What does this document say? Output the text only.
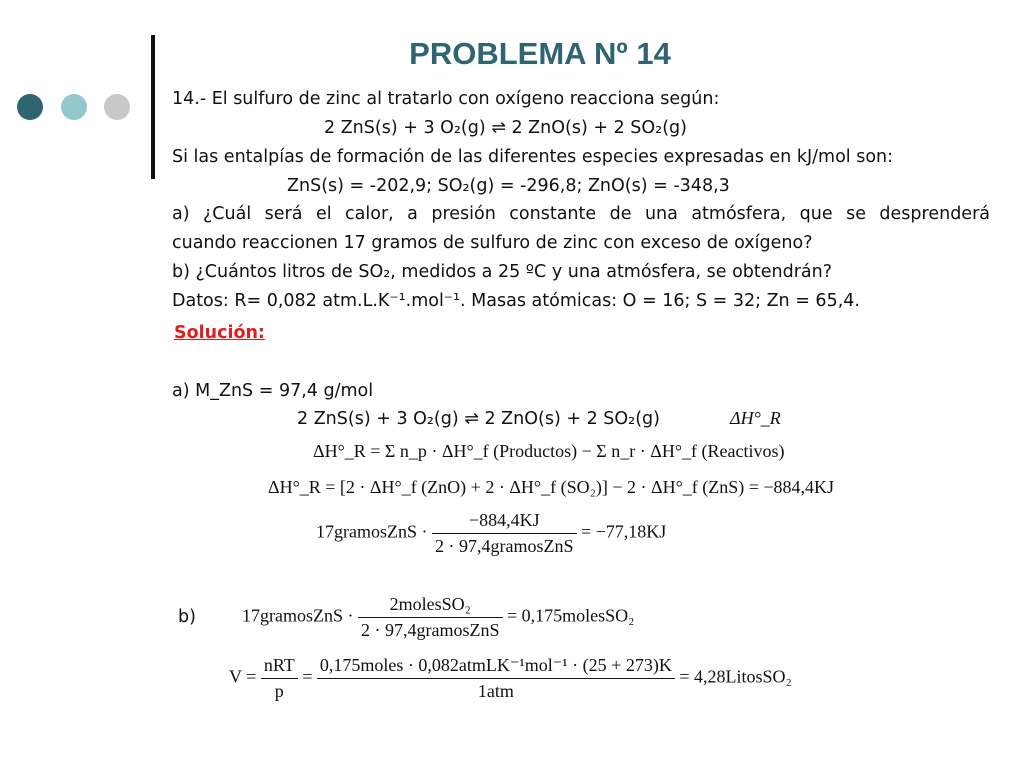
PROBLEMA Nº 14
14.- El sulfuro de zinc al tratarlo con oxígeno reacciona según:
2 ZnS(s) + 3 O₂(g) ⇌ 2 ZnO(s) + 2 SO₂(g)
Si las entalpías de formación de las diferentes especies expresadas en kJ/mol son:
ZnS(s) = -202,9; SO₂(g) = -296,8; ZnO(s) = -348,3
a) ¿Cuál será el calor, a presión constante de una atmósfera, que se desprenderá
cuando reaccionen 17 gramos de sulfuro de zinc con exceso de oxígeno?
b) ¿Cuántos litros de SO₂, medidos a 25 ºC y una atmósfera, se obtendrán?
Datos: R= 0,082 atm.L.K⁻¹.mol⁻¹. Masas atómicas: O = 16; S = 32; Zn = 65,4.
Solución:
a) M_ZnS = 97,4 g/mol
2 ZnS(s) + 3 O₂(g) ⇌ 2 ZnO(s) + 2 SO₂(g)	ΔH°_R
ΔH°_R = Σ n_p · ΔH°_f (Productos) − Σ n_r · ΔH°_f (Reactivos)
ΔH°_R = [2 · ΔH°_f (ZnO) + 2 · ΔH°_f (SO₂)] − 2 · ΔH°_f (ZnS) = −884,4KJ
17gramosZnS · $\frac{-884,4KJ}{\text{2 · 97,4gramosZnS}} = -77,18KJ$
b)	17gramosZnS · $\frac{\text{2molesSO₂}}{\text{2 · 97,4gramosZnS}}$ = 0,175molesSO₂
$V = \frac{\text{nRT}}{p} = \frac{\text{0,175moles · 0,082atmLK⁻¹mol⁻¹ · (25 + 273)K}}{\text{1atm}}$ = 4,28LitosSO₂
